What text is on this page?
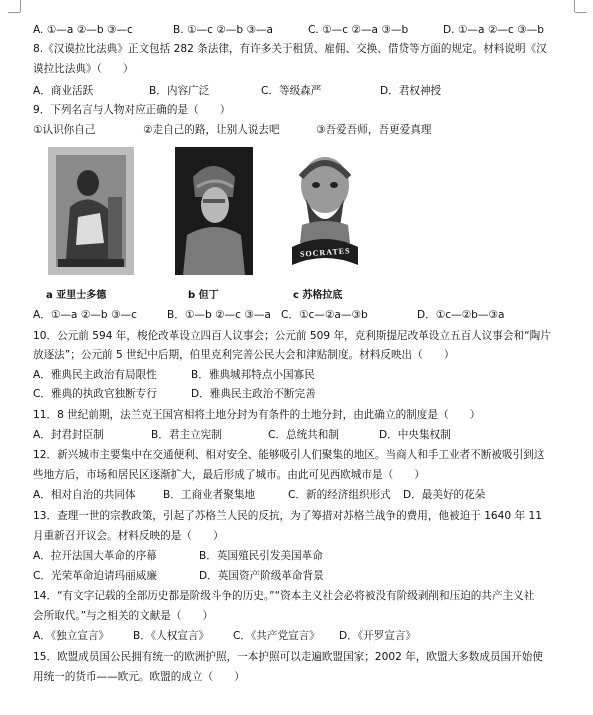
A. ①—a ②—b ③—c	B. ①—c ②—b ③—a	C. ①—c ②—a ③—b	D. ①—a ②—c ③—b
8.《汉谟拉比法典》正文包括 282 条法律，有许多关于租赁、雇佣、交换、借贷等方面的规定。材料说明《汉
谟拉比法典》（　　）
A．商业活跃	B．内容广泛	C．等级森严	D．君权神授
9．下列名言与人物对应正确的是（　　）
①认识你自己	②走自己的路，让别人说去吧	③吾爱吾师，吾更爱真理
SOCRATES
a 亚里士多德	b 但丁	c 苏格拉底
A．①—a ②—b ③—c	B．①—b ②—c ③—a C．①c—②a—③b	D．①c—②b—③a
10．公元前 594 年，梭伦改革设立四百人议事会；公元前 509 年，克利斯提尼改革设立五百人议事会和“陶片
放逐法”；公元前 5 世纪中后期，伯里克利完善公民大会和津贴制度。材料反映出（　　）
A．雅典民主政治有局限性	B．雅典城邦特点小国寡民
C．雅典的执政官独断专行	D．雅典民主政治不断完善
11．8 世纪前期，法兰克王国宫相将土地分封为有条件的土地分封，由此确立的制度是（　　）
A．封君封臣制	B．君主立宪制	C．总统共和制	D．中央集权制
12．新兴城市主要集中在交通便利、相对安全、能够吸引人们聚集的地区。当商人和手工业者不断被吸引到这
些地方后，市场和居民区逐渐扩大，最后形成了城市。由此可见西欧城市是（　　）
A．相对自治的共同体	B．工商业者聚集地	C．新的经济组织形式 D．最美好的花朵
13．查理一世的宗教政策，引起了苏格兰人民的反抗，为了筹措对苏格兰战争的费用，他被迫于 1640 年 11
月重新召开议会。材料反映的是（　　）
A．拉开法国大革命的序幕	B．英国殖民引发美国革命
C．光荣革命迫请玛丽威廉	D．英国资产阶级革命背景
14．“有文字记载的全部历史都是阶级斗争的历史。”“资本主义社会必将被没有阶级剥削和压迫的共产主义社
会所取代。”与之相关的文献是（　　）
A．《独立宣言》 B．《人权宣言》 C．《共产党宣言》 D．《开罗宣言》
15．欧盟成员国公民拥有统一的欧洲护照，一本护照可以走遍欧盟国家；2002 年，欧盟大多数成员国开始使
用统一的货币——欧元。欧盟的成立（　　）
